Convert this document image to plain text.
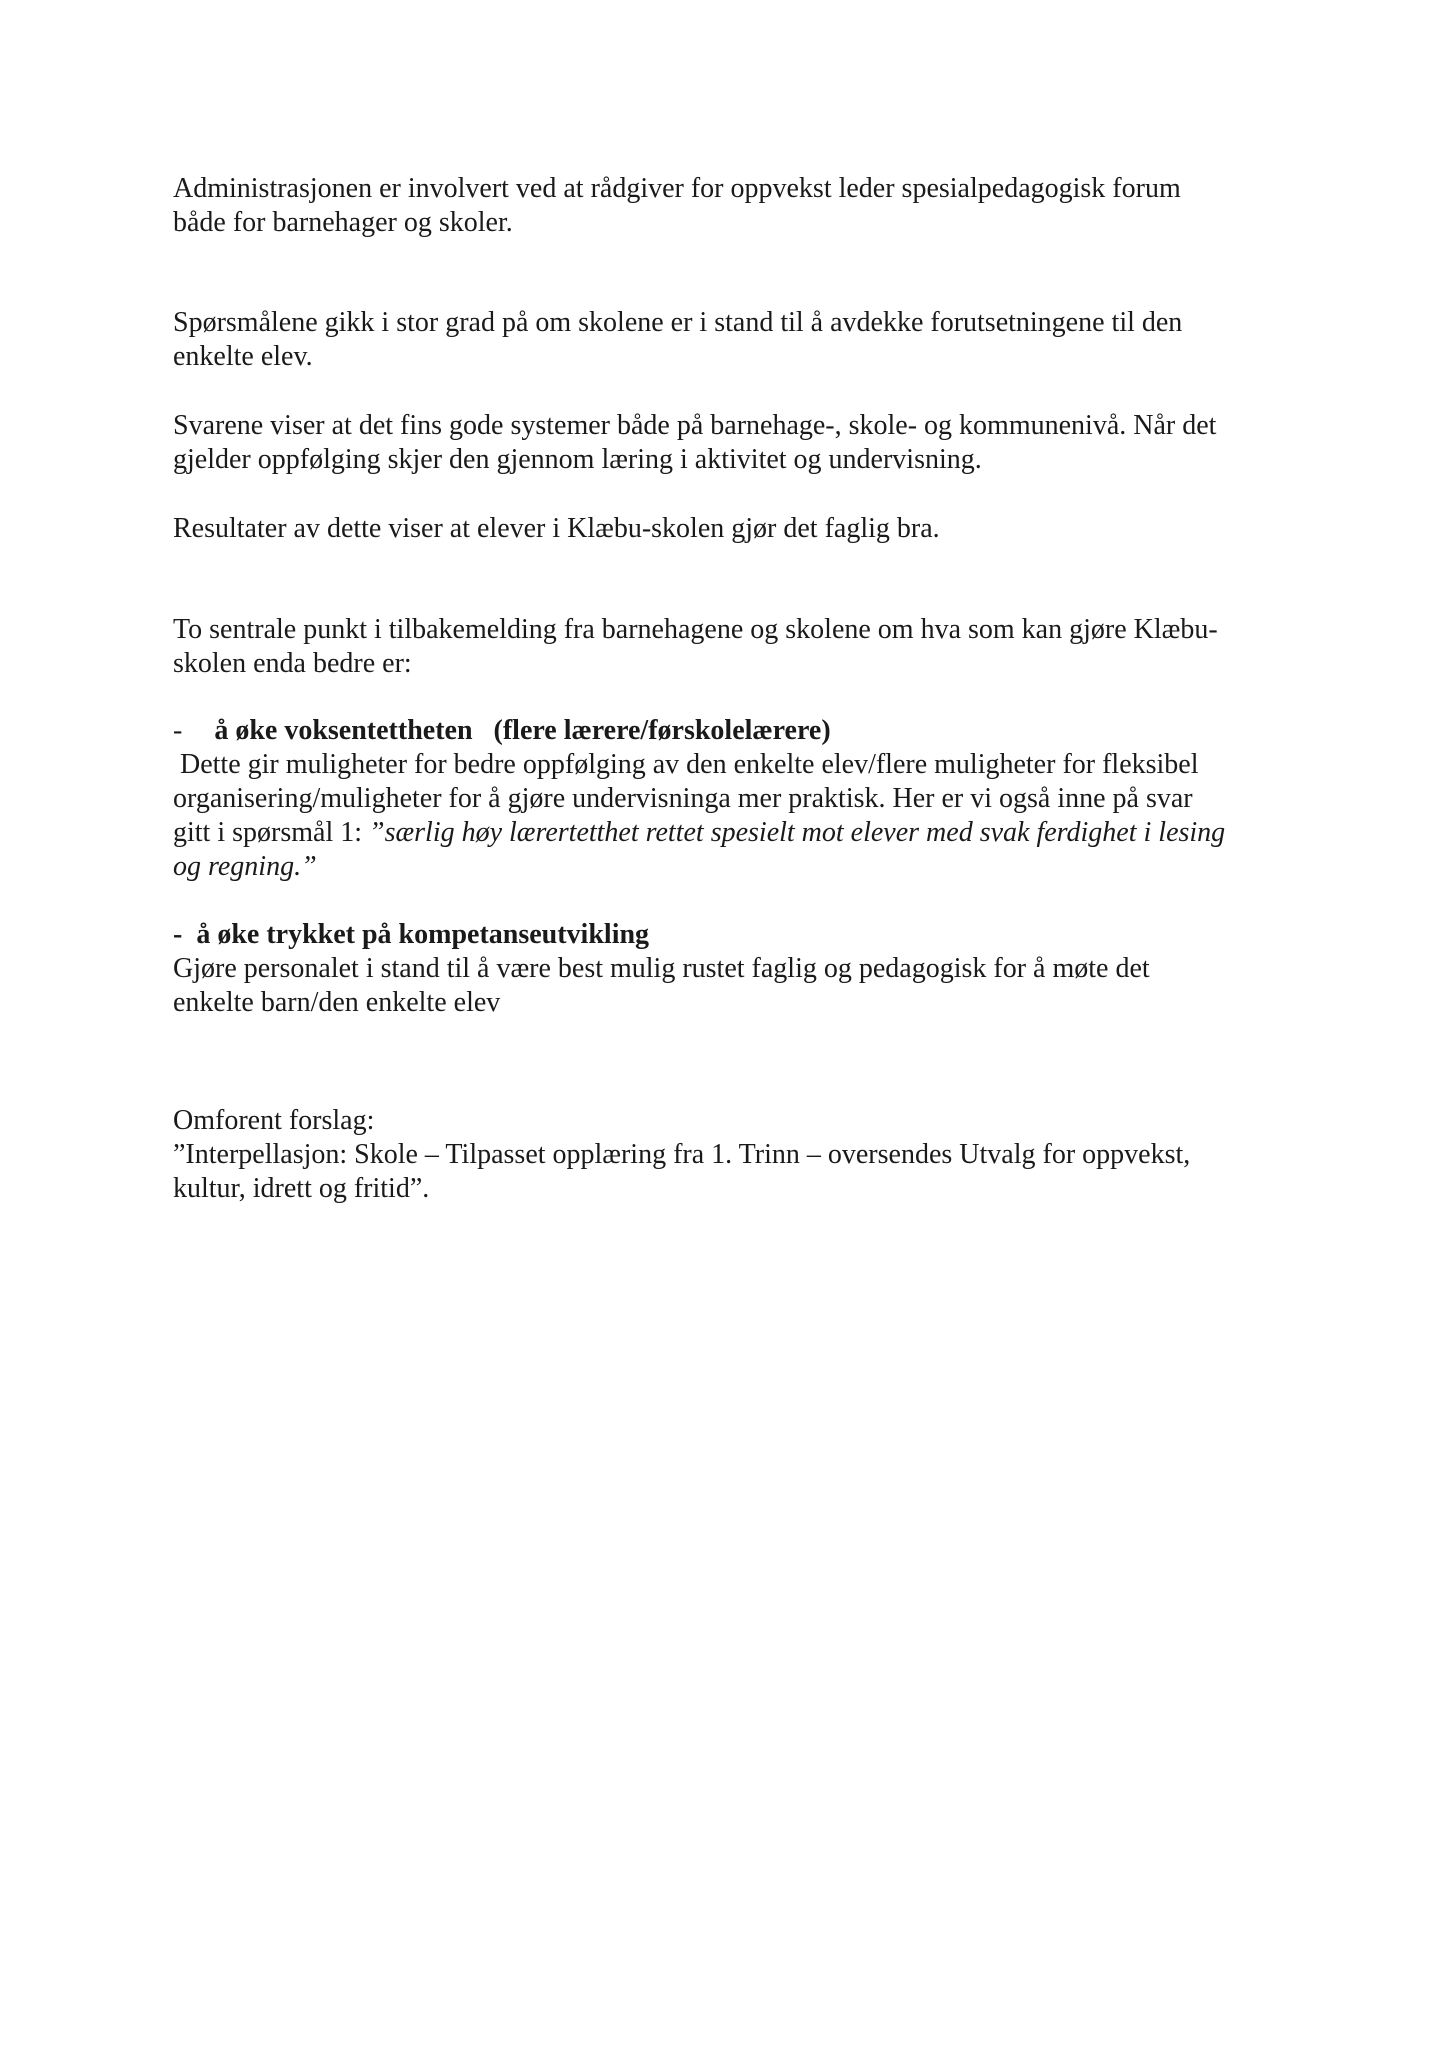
Administrasjonen er involvert ved at rådgiver for oppvekst leder spesialpedagogisk forum
både for barnehager og skoler.

Spørsmålene gikk i stor grad på om skolene er i stand til å avdekke forutsetningene til den
enkelte elev.

Svarene viser at det fins gode systemer både på barnehage-, skole- og kommunenivå. Når det
gjelder oppfølging skjer den gjennom læring i aktivitet og undervisning.

Resultater av dette viser at elever i Klæbu-skolen gjør det faglig bra.

To sentrale punkt i tilbakemelding fra barnehagene og skolene om hva som kan gjøre Klæbu-
skolen enda bedre er:

- å øke voksentettheten   (flere lærere/førskolelærere)
Dette gir muligheter for bedre oppfølging av den enkelte elev/flere muligheter for fleksibel
organisering/muligheter for å gjøre undervisninga mer praktisk. Her er vi også inne på svar
gitt i spørsmål 1: ”særlig høy lærertetthet rettet spesielt mot elever med svak ferdighet i lesing
og regning.”
-  å øke trykket på kompetanseutvikling
Gjøre personalet i stand til å være best mulig rustet faglig og pedagogisk for å møte det
enkelte barn/den enkelte elev
Omforent forslag:
”Interpellasjon: Skole – Tilpasset opplæring fra 1. Trinn – oversendes Utvalg for oppvekst,
kultur, idrett og fritid”.
